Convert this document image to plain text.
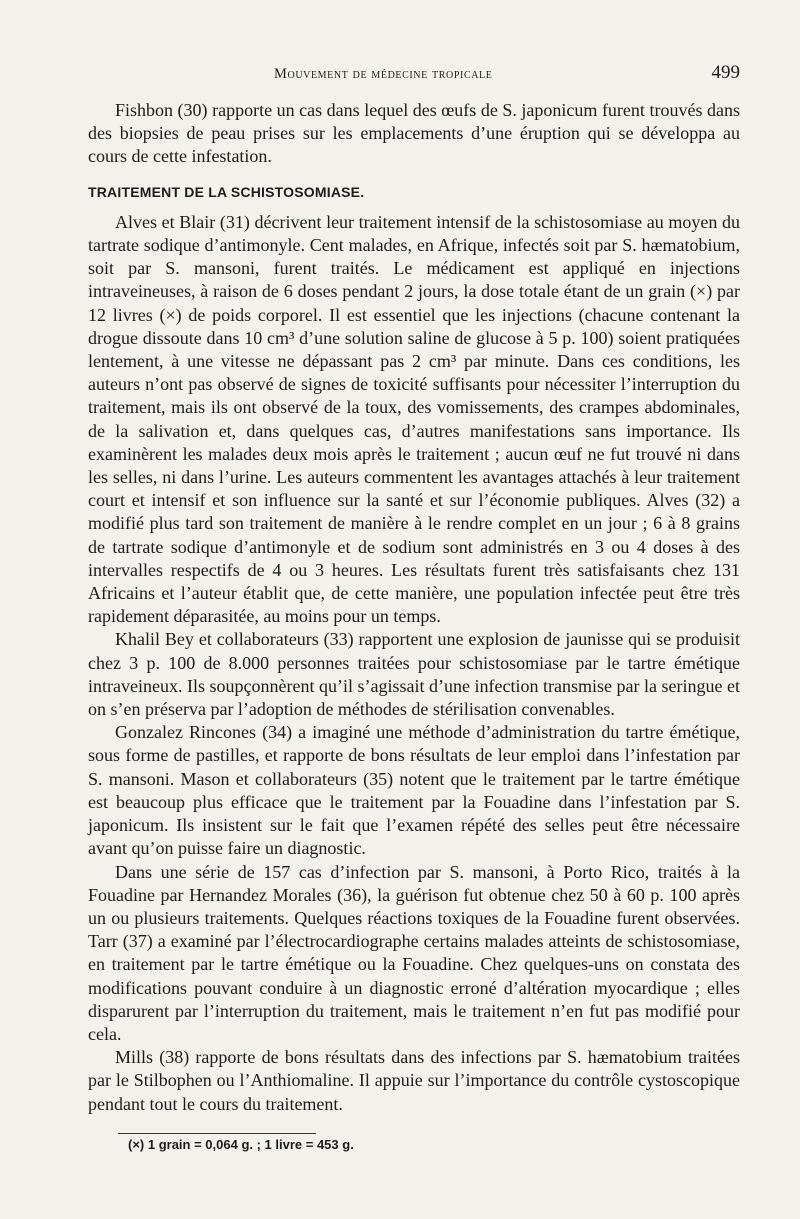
Mouvement de médecine tropicale	499

Fishbon (30) rapporte un cas dans lequel des œufs de S. japonicum furent trouvés dans des biopsies de peau prises sur les emplacements d’une éruption qui se développa au cours de cette infestation.

TRAITEMENT DE LA SCHISTOSOMIASE.

Alves et Blair (31) décrivent leur traitement intensif de la schistosomiase au moyen du tartrate sodique d’antimonyle. Cent malades, en Afrique, infectés soit par S. hæmatobium, soit par S. mansoni, furent traités. Le médicament est appliqué en injections intraveineuses, à raison de 6 doses pendant 2 jours, la dose totale étant de un grain (×) par 12 livres (×) de poids corporel. Il est essentiel que les injections (chacune contenant la drogue dissoute dans 10 cm³ d’une solution saline de glucose à 5 p. 100) soient pratiquées lentement, à une vitesse ne dépassant pas 2 cm³ par minute. Dans ces conditions, les auteurs n’ont pas observé de signes de toxicité suffisants pour nécessiter l’interruption du traitement, mais ils ont observé de la toux, des vomissements, des crampes abdominales, de la salivation et, dans quelques cas, d’autres manifestations sans importance. Ils examinèrent les malades deux mois après le traitement ; aucun œuf ne fut trouvé ni dans les selles, ni dans l’urine. Les auteurs commentent les avantages attachés à leur traitement court et intensif et son influence sur la santé et sur l’économie publiques. Alves (32) a modifié plus tard son traitement de manière à le rendre complet en un jour ; 6 à 8 grains de tartrate sodique d’antimonyle et de sodium sont administrés en 3 ou 4 doses à des intervalles respectifs de 4 ou 3 heures. Les résultats furent très satisfaisants chez 131 Africains et l’auteur établit que, de cette manière, une population infectée peut être très rapidement déparasitée, au moins pour un temps.

Khalil Bey et collaborateurs (33) rapportent une explosion de jaunisse qui se produisit chez 3 p. 100 de 8.000 personnes traitées pour schistosomiase par le tartre émétique intraveineux. Ils soupçonnèrent qu’il s’agissait d’une infection transmise par la seringue et on s’en préserva par l’adoption de méthodes de stérilisation convenables.

Gonzalez Rincones (34) a imaginé une méthode d’administration du tartre émétique, sous forme de pastilles, et rapporte de bons résultats de leur emploi dans l’infestation par S. mansoni. Mason et collaborateurs (35) notent que le traitement par le tartre émétique est beaucoup plus efficace que le traitement par la Fouadine dans l’infestation par S. japonicum. Ils insistent sur le fait que l’examen répété des selles peut être nécessaire avant qu’on puisse faire un diagnostic.

Dans une série de 157 cas d’infection par S. mansoni, à Porto Rico, traités à la Fouadine par Hernandez Morales (36), la guérison fut obtenue chez 50 à 60 p. 100 après un ou plusieurs traitements. Quelques réactions toxiques de la Fouadine furent observées. Tarr (37) a examiné par l’électrocardiographe certains malades atteints de schistosomiase, en traitement par le tartre émétique ou la Fouadine. Chez quelques-uns on constata des modifications pouvant conduire à un diagnostic erroné d’altération myocardique ; elles disparurent par l’interruption du traitement, mais le traitement n’en fut pas modifié pour cela.

Mills (38) rapporte de bons résultats dans des infections par S. hæmatobium traitées par le Stilbophen ou l’Anthiomaline. Il appuie sur l’importance du contrôle cystoscopique pendant tout le cours du traitement.

(×) 1 grain = 0,064 g. ; 1 livre = 453 g.
